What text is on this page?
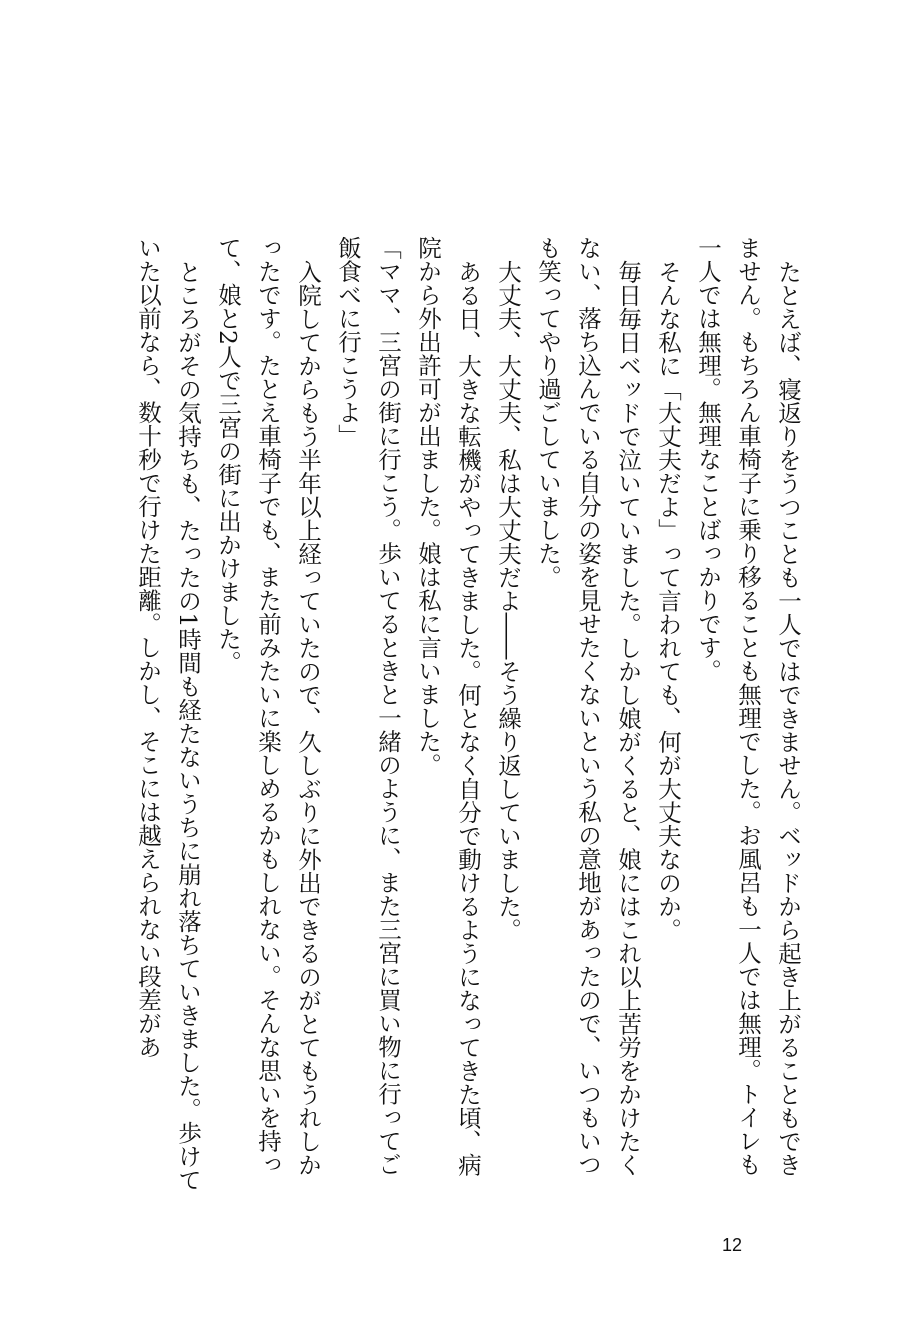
たとえば、寝返りをうつことも一人ではできません。ベッドから起き上がることもできません。もちろん車椅子に乗り移ることも無理でした。お風呂も一人では無理。トイレも一人では無理。無理なことばっかりです。

そんな私に「大丈夫だよ」って言われても、何が大丈夫なのか。

毎日毎日ベッドで泣いていました。しかし娘がくると、娘にはこれ以上苦労をかけたくない、落ち込んでいる自分の姿を見せたくないという私の意地があったので、いつもいつも笑ってやり過ごしていました。

大丈夫、大丈夫、私は大丈夫だよ――そう繰り返していました。

ある日、大きな転機がやってきました。何となく自分で動けるようになってきた頃、病院から外出許可が出ました。娘は私に言いました。

「ママ、三宮の街に行こう。歩いてるときと一緒のように、また三宮に買い物に行ってご飯食べに行こうよ」

入院してからもう半年以上経っていたので、久しぶりに外出できるのがとてもうれしかったです。たとえ車椅子でも、また前みたいに楽しめるかもしれない。そんな思いを持って、娘と2人で三宮の街に出かけました。

ところがその気持ちも、たったの1時間も経たないうちに崩れ落ちていきました。歩けていた以前なら、数十秒で行けた距離。しかし、そこには越えられない段差があ

12
